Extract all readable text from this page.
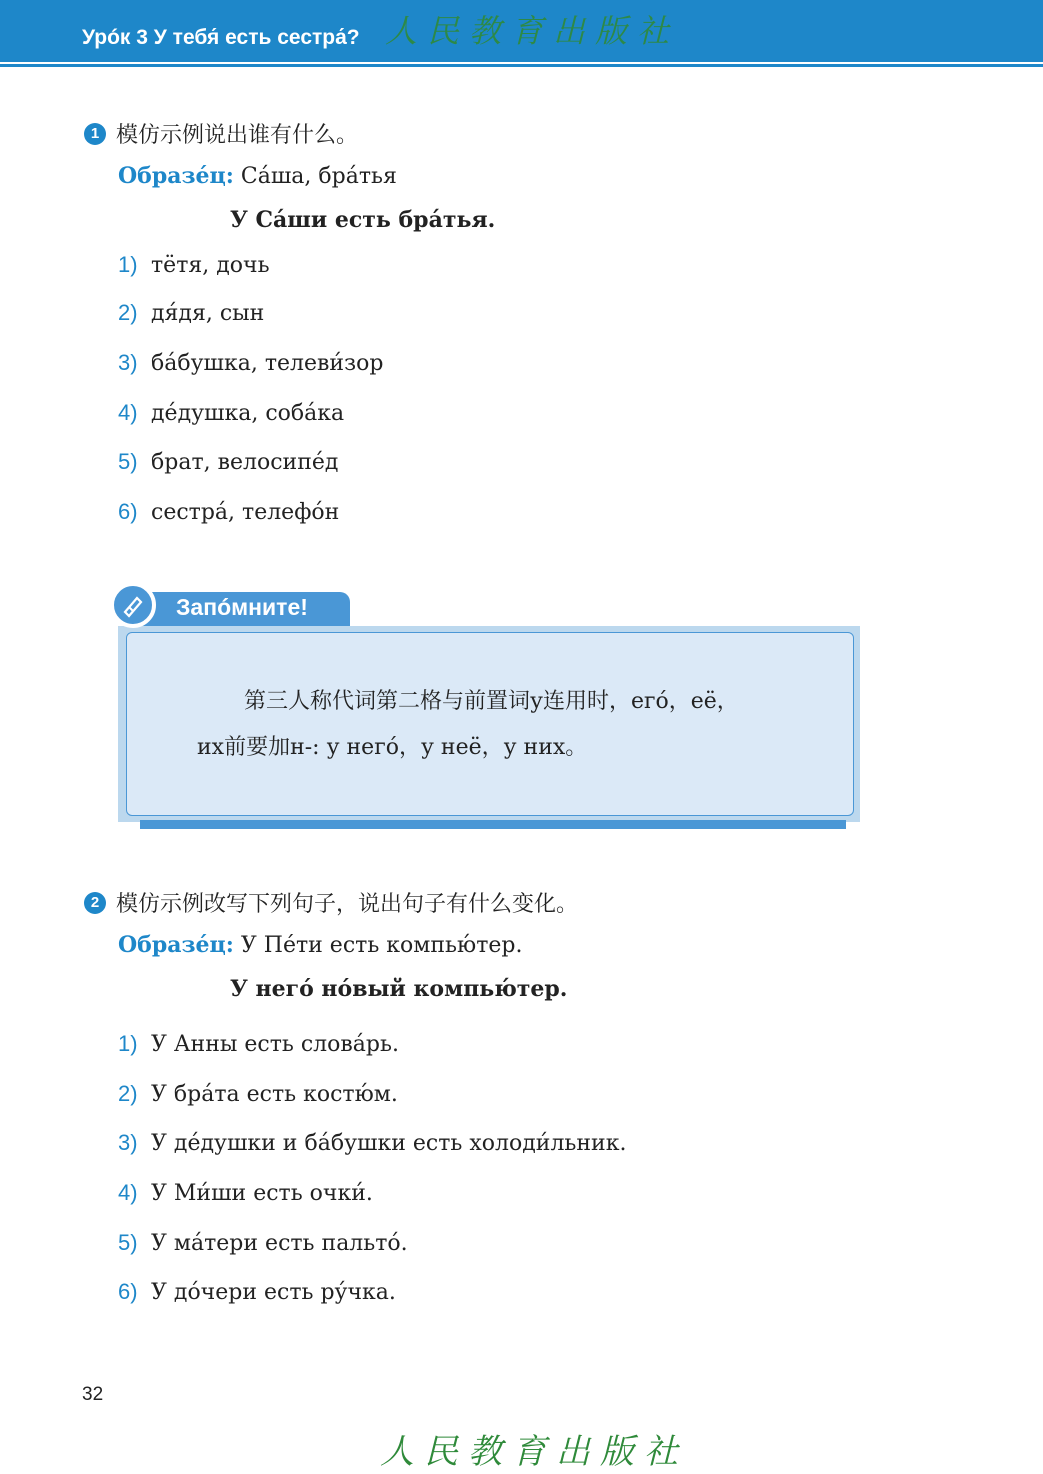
Урóк 3 У тебя́ есть сестра́? 人民教育出版社
1 模仿示例说出谁有什么。
Образéц: Са́ша, бра́тья
У Са́ши есть бра́тья.
1) тётя, дочь
2) дя́дя, сын
3) ба́бушка, телеви́зор
4) де́душка, соба́ка
5) брат, велосипе́д
6) сестра́, телефо́н
Запóмните!
第三人称代词第二格与前置词у连用时，егó，её，
их前要加н-: у негó，у неё，у них。
2 模仿示例改写下列句子，说出句子有什么变化。
Образéц: У Пéти есть компью́тер.
У негó нóвый компью́тер.
1) У Анны есть слова́рь.
2) У бра́та есть костю́м.
3) У де́душки и ба́бушки есть холоди́льник.
4) У Ми́ши есть очки́.
5) У ма́тери есть пальто́.
6) У до́чери есть ру́чка.
32
人民教育出版社
